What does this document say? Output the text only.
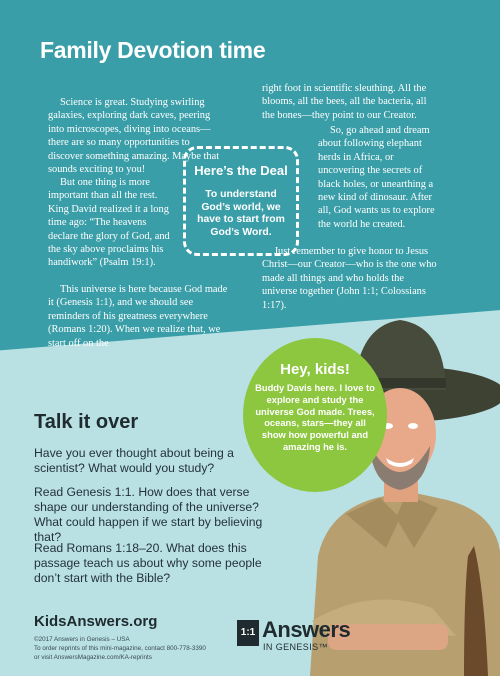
Family Devotion time

Science is great. Studying swirling galaxies, exploring dark caves, peering into microscopes, diving into oceans—there are so many opportunities to discover something amazing. Maybe that sounds exciting to you!

But one thing is more important than all the rest. King David realized it a long time ago: “The heavens declare the glory of God, and the sky above proclaims his handiwork” (Psalm 19:1).

This universe is here because God made it (Genesis 1:1), and we should see reminders of his greatness everywhere (Romans 1:20). When we realize that, we start off on the

right foot in scientific sleuthing. All the blooms, all the bees, all the bacteria, all the bones—they point to our Creator.

So, go ahead and dream about following elephant herds in Africa, or uncovering the secrets of black holes, or unearthing a new kind of dinosaur. After all, God wants us to explore the world he created.

Just remember to give honor to Jesus Christ—our Creator—who is the one who made all things and who holds the universe together (John 1:1; Colossians 1:17).

Here’s the Deal

To understand God’s world, we have to start from God’s Word.

Hey, kids!

Buddy Davis here. I love to explore and study the universe God made. Trees, oceans, stars—they all show how powerful and amazing he is.

Talk it over

Have you ever thought about being a scientist? What would you study?

Read Genesis 1:1. How does that verse shape our understanding of the universe? What could happen if we start by believing that?

Read Romans 1:18–20. What does this passage teach us about why some people don’t start with the Bible?

KidsAnswers.org

©2017 Answers in Genesis – USA

To order reprints of this mini-magazine, contact 800-778-3390

or visit AnswersMagazine.com/KA-reprints

1:1 Answers

IN GENESIS™
